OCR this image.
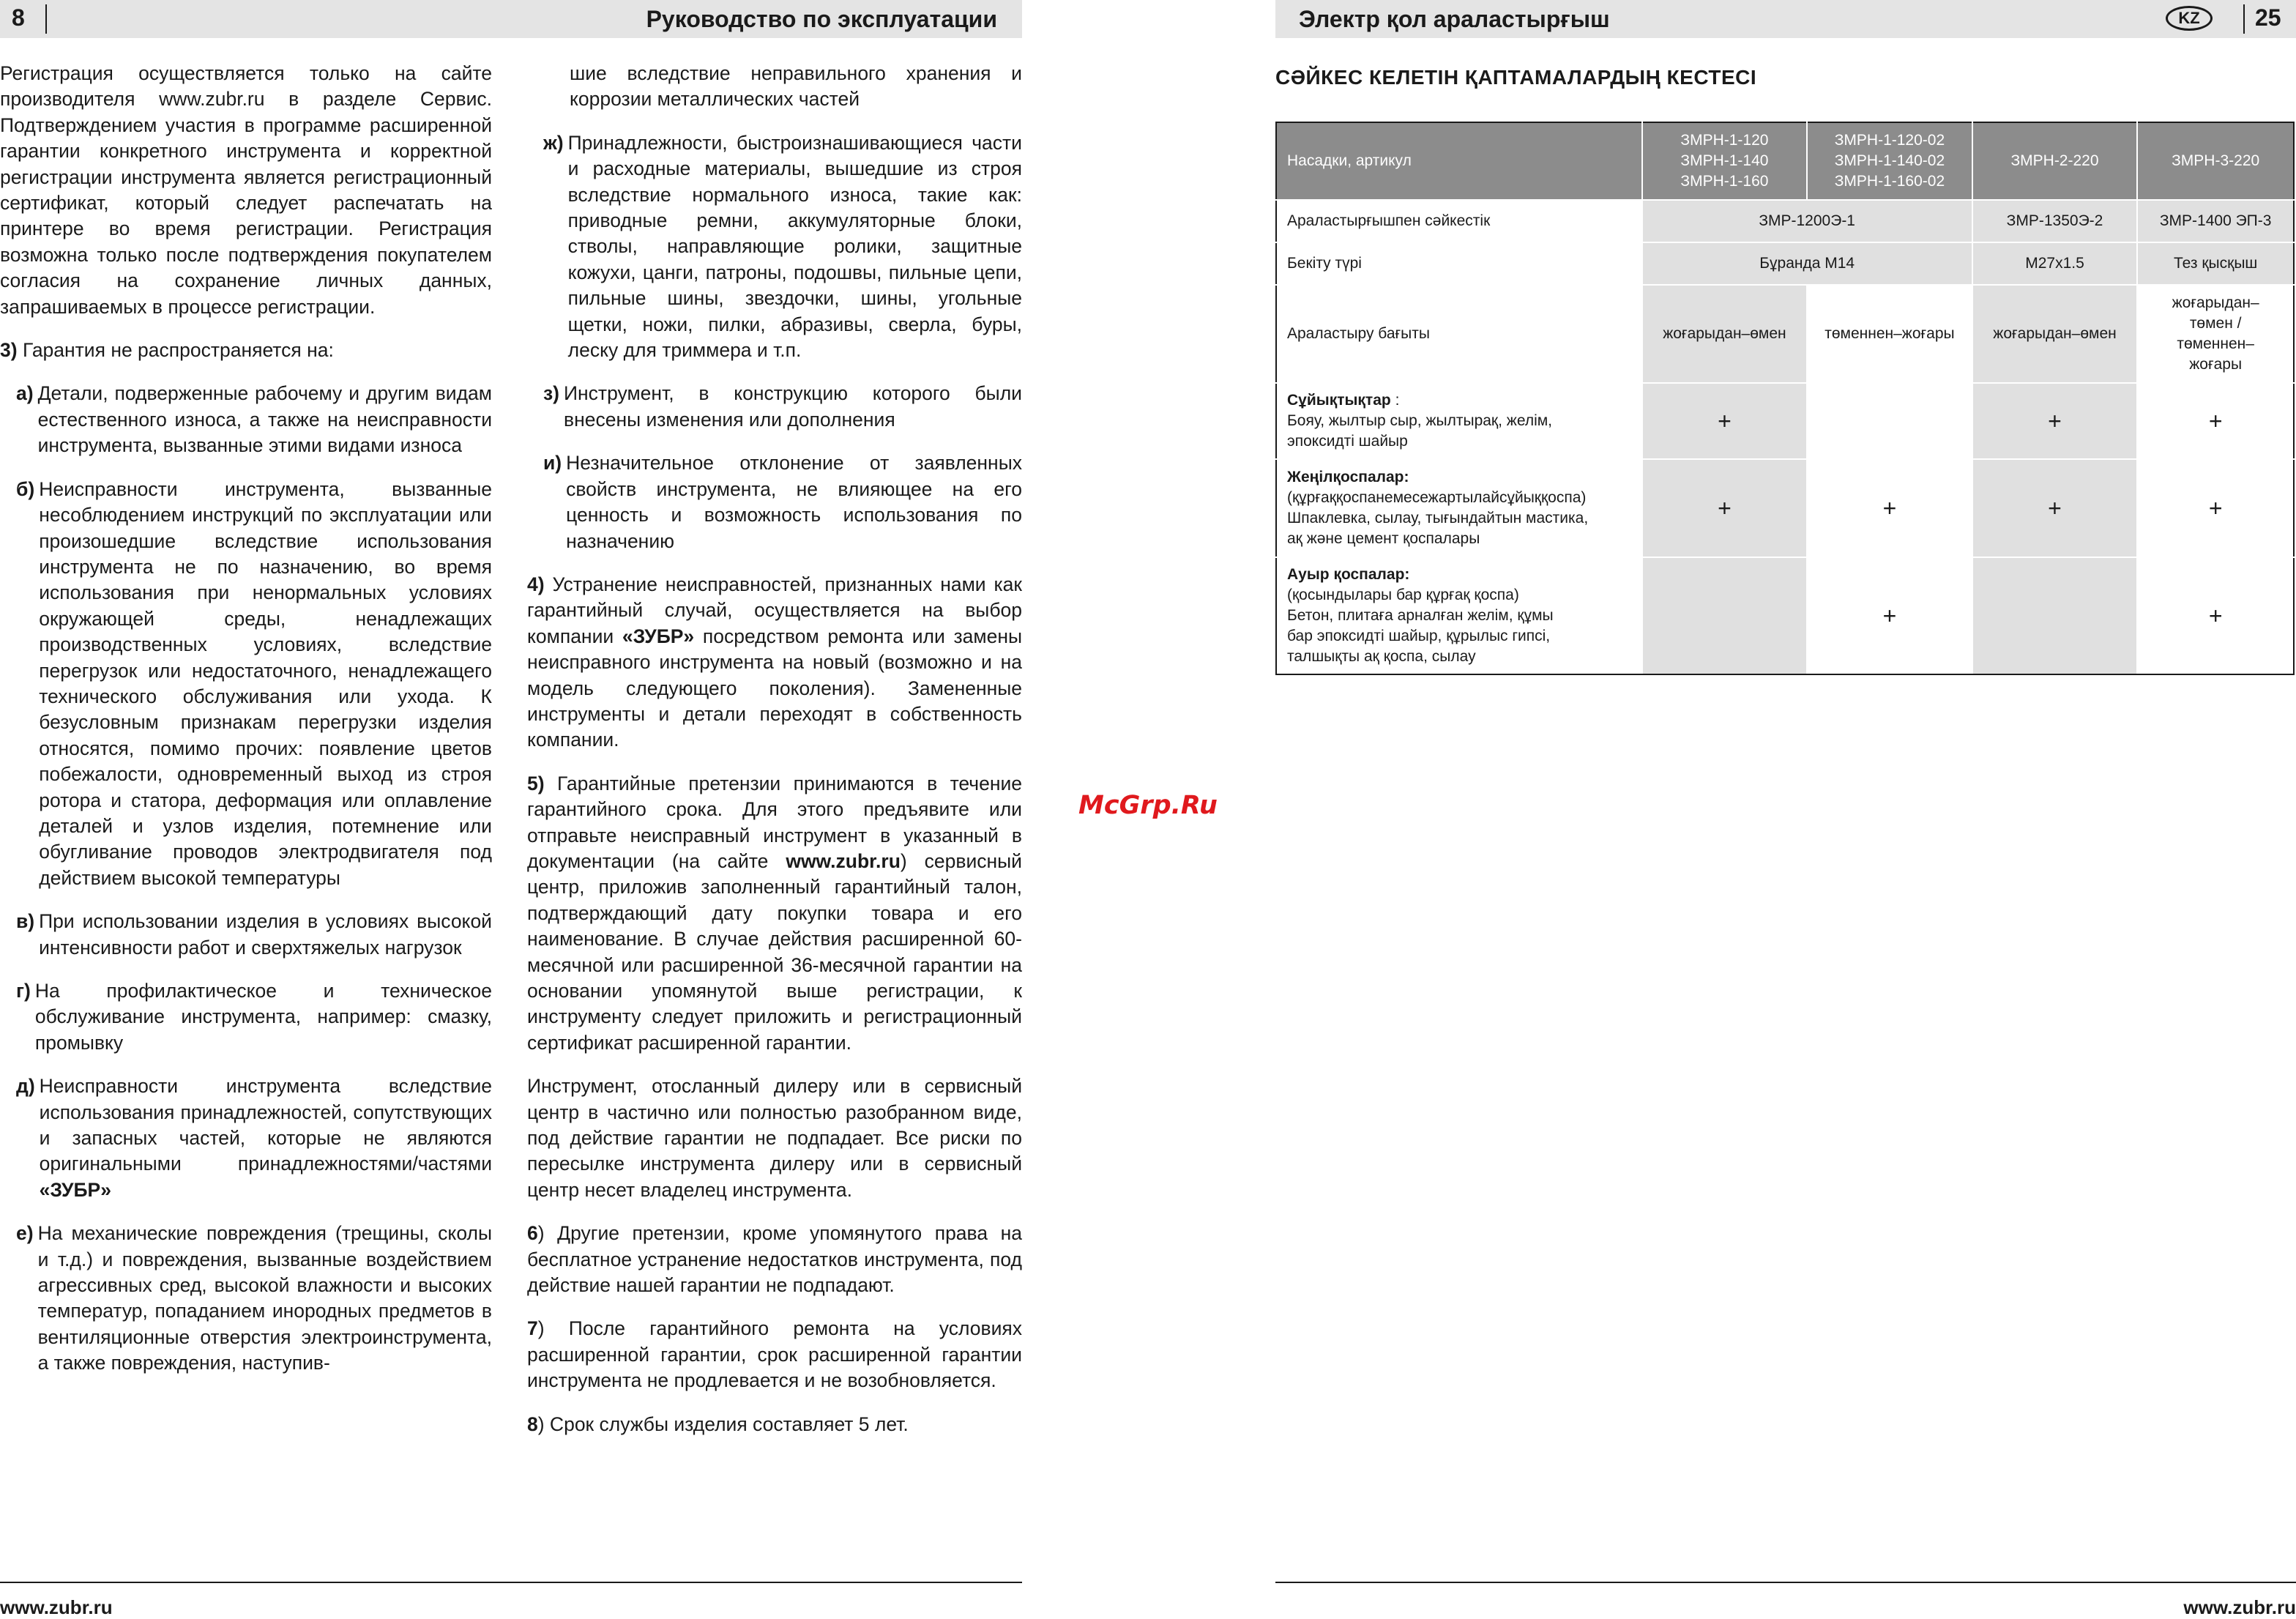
8	Руководство по эксплуатации	Электр қол араластырғыш	KZ	25

Регистрация осуществляется только на сайте производителя www.zubr.ru в разделе Сервис. Подтверждением участия в программе расширенной гарантии конкретного инструмента и корректной регистрации инструмента является регистрационный сертификат, который следует распечатать на принтере во время регистрации. Регистрация возможна только после подтверждения покупателем согласия на сохранение личных данных, запрашиваемых в процессе регистрации.

3) Гарантия не распространяется на:

а) Детали, подверженные рабочему и другим видам естественного износа, а также на неисправности инструмента, вызванные этими видами износа
б) Неисправности инструмента, вызванные несоблюдением инструкций по эксплуатации или произошедшие вследствие использования инструмента не по назначению, во время использования при ненормальных условиях окружающей среды, ненадлежащих производственных условиях, вследствие перегрузок или недостаточного, ненадлежащего технического обслуживания или ухода. К безусловным признакам перегрузки изделия относятся, помимо прочих: появление цветов побежалости, одновременный выход из строя ротора и статора, деформация или оплавление деталей и узлов изделия, потемнение или обугливание проводов электродвигателя под действием высокой температуры
в) При использовании изделия в условиях высокой интенсивности работ и сверхтяжелых нагрузок
г) На профилактическое и техническое обслуживание инструмента, например: смазку, промывку
д) Неисправности инструмента вследствие использования принадлежностей, сопутствующих и запасных частей, которые не являются оригинальными принадлежностями/частями «ЗУБР»
е) На механические повреждения (трещины, сколы и т.д.) и повреждения, вызванные воздействием агрессивных сред, высокой влажности и высоких температур, попаданием инородных предметов в вентиляционные отверстия электроинструмента, а также повреждения, наступив-
шие вследствие неправильного хранения и коррозии металлических частей
ж) Принадлежности, быстроизнашивающиеся части и расходные материалы, вышедшие из строя вследствие нормального износа, такие как: приводные ремни, аккумуляторные блоки, стволы, направляющие ролики, защитные кожухи, цанги, патроны, подошвы, пильные цепи, пильные шины, звездочки, шины, угольные щетки, ножи, пилки, абразивы, сверла, буры, леску для триммера и т.п.
з) Инструмент, в конструкцию которого были внесены изменения или дополнения
и) Незначительное отклонение от заявленных свойств инструмента, не влияющее на его ценность и возможность использования по назначению

4) Устранение неисправностей, признанных нами как гарантийный случай, осуществляется на выбор компании «ЗУБР» посредством ремонта или замены неисправного инструмента на новый (возможно и на модель следующего поколения). Замененные инструменты и детали переходят в собственность компании.

5) Гарантийные претензии принимаются в течение гарантийного срока. Для этого предъявите или отправьте неисправный инструмент в указанный в документации (на сайте www.zubr.ru) сервисный центр, приложив заполненный гарантийный талон, подтверждающий дату покупки товара и его наименование. В случае действия расширенной 60-месячной или расширенной 36-месячной гарантии на основании упомянутой выше регистрации, к инструменту следует приложить и регистрационный сертификат расширенной гарантии.

Инструмент, отосланный дилеру или в сервисный центр в частично или полностью разобранном виде, под действие гарантии не подпадает. Все риски по пересылке инструмента дилеру или в сервисный центр несет владелец инструмента.

6) Другие претензии, кроме упомянутого права на бесплатное устранение недостатков инструмента, под действие нашей гарантии не подпадают.

7) После гарантийного ремонта на условиях расширенной гарантии, срок расширенной гарантии инструмента не продлевается и не возобновляется.

8) Срок службы изделия составляет 5 лет.

McGrp.Ru
СӘЙКЕС КЕЛЕТІН ҚАПТАМАЛАРДЫҢ КЕСТЕСІ
Насадки, артикул	ЗМРН-1-120
ЗМРН-1-140
ЗМРН-1-160	ЗМРН-1-120-02
ЗМРН-1-140-02
ЗМРН-1-160-02	ЗМРН-2-220	ЗМРН-3-220
Араластырғышпен сәйкестік	ЗМР-1200Э-1		ЗМР-1350Э-2	ЗМР-1400 ЭП-3
Бекіту түрі	Бұранда М14		М27х1.5	Тез қысқыш
Араластыру бағыты	жоғарыдан–өмен	төменнен–жоғары	жоғарыдан–өмен	жоғарыдан–
төмен /
төменнен–
жоғары
Сұйықтықтар :
Бояу, жылтыр сыр, жылтырақ, желім,
эпоксидті шайыр	+		+	+
Жеңілқоспалар:
(құрғаққоспанемесежартылайсұйыққоспа)
Шпаклевка, сылау, тығындайтын мастика,
ақ және цемент қоспалары	+	+	+	+
Ауыр қоспалар:
(қосындылары бар құрғақ қоспа)
Бетон, плитаға арналған желім, құмы
бар эпоксидті шайыр, құрылыс гипсі,
талшықты ақ қоспа, сылау		+		+
www.zubr.ru	www.zubr.ru
